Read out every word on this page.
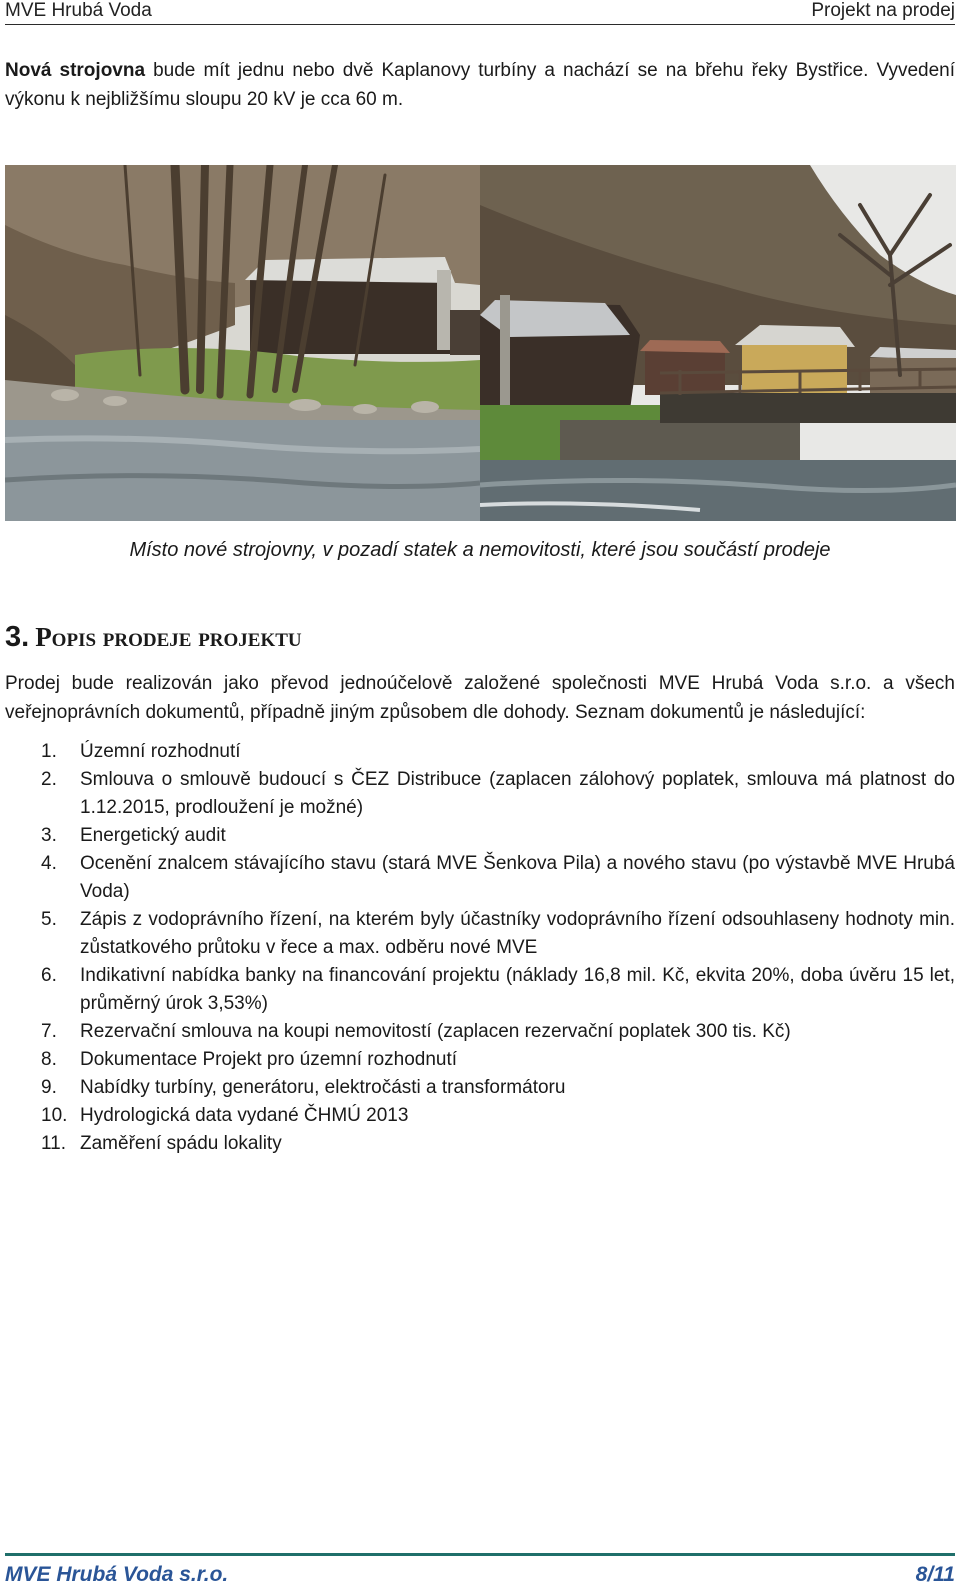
MVE Hrubá Voda	Projekt na prodej

Nová strojovna bude mít jednu nebo dvě Kaplanovy turbíny a nachází se na břehu řeky Bystřice. Vyvedení výkonu k nejbližšímu sloupu 20 kV je cca 60 m.

Místo nové strojovny, v pozadí statek a nemovitosti, které jsou součástí prodeje

3. Popis prodeje projektu

Prodej bude realizován jako převod jednoúčelově založené společnosti MVE Hrubá Voda s.r.o. a všech veřejnoprávních dokumentů, případně jiným způsobem dle dohody. Seznam dokumentů je následující:

1. Územní rozhodnutí
2. Smlouva o smlouvě budoucí s ČEZ Distribuce (zaplacen zálohový poplatek, smlouva má platnost do 1.12.2015, prodloužení je možné)
3. Energetický audit
4. Ocenění znalcem stávajícího stavu (stará MVE Šenkova Pila) a nového stavu (po výstavbě MVE Hrubá Voda)
5. Zápis z vodoprávního řízení, na kterém byly účastníky vodoprávního řízení odsouhlaseny hodnoty min. zůstatkového průtoku v řece a max. odběru nové MVE
6. Indikativní nabídka banky na financování projektu (náklady 16,8 mil. Kč, ekvita 20%, doba úvěru 15 let, průměrný úrok 3,53%)
7. Rezervační smlouva na koupi nemovitostí (zaplacen rezervační poplatek 300 tis. Kč)
8. Dokumentace Projekt pro územní rozhodnutí
9. Nabídky turbíny, generátoru, elektročásti a transformátoru
10. Hydrologická data vydané ČHMÚ 2013
11. Zaměření spádu lokality
MVE Hrubá Voda s.r.o.	8/11
